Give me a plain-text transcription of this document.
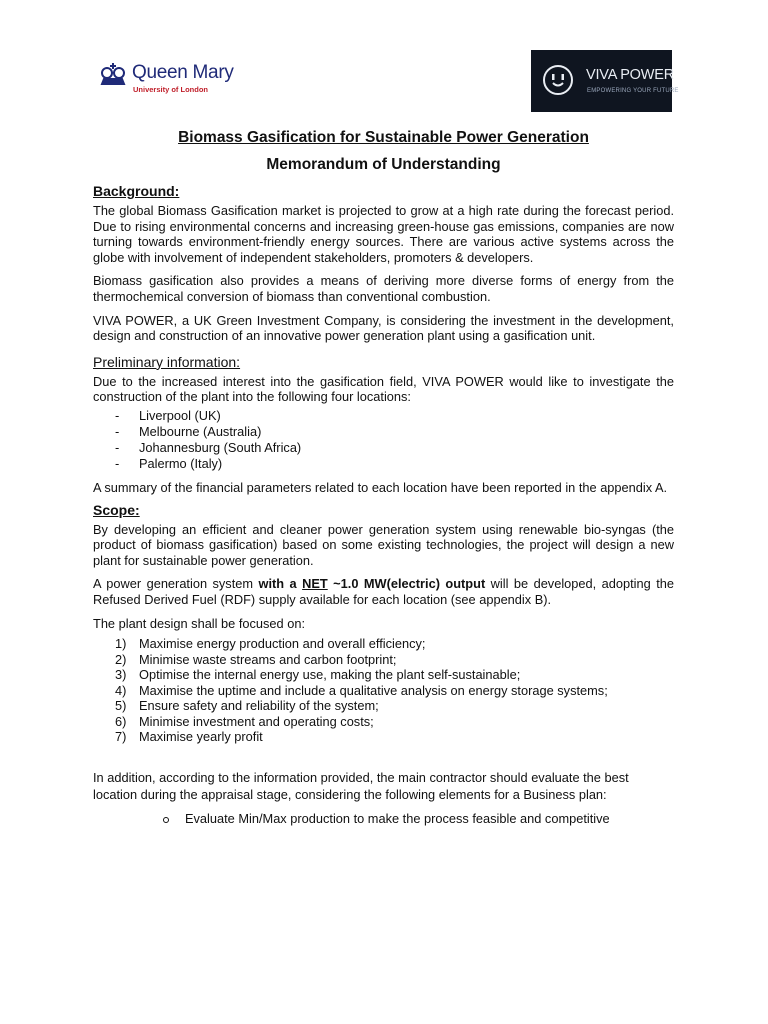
Queen Mary
University of London
VIVA POWER
EMPOWERING YOUR FUTURE

Biomass Gasification for Sustainable Power Generation

Memorandum of Understanding

Background:

The global Biomass Gasification market is projected to grow at a high rate during the forecast period. Due to rising environmental concerns and increasing green-house gas emissions, companies are now turning towards environment-friendly energy sources. There are various active systems across the globe with involvement of independent stakeholders, promoters & developers.

Biomass gasification also provides a means of deriving more diverse forms of energy from the thermochemical conversion of biomass than conventional combustion.

VIVA POWER, a UK Green Investment Company, is considering the investment in the development, design and construction of an innovative power generation plant using a gasification unit.

Preliminary information:

Due to the increased interest into the gasification field, VIVA POWER would like to investigate the construction of the plant into the following four locations:

- Liverpool (UK)
- Melbourne (Australia)
- Johannesburg (South Africa)
- Palermo (Italy)

A summary of the financial parameters related to each location have been reported in the appendix A.

Scope:

By developing an efficient and cleaner power generation system using renewable bio-syngas (the product of biomass gasification) based on some existing technologies, the project will design a new plant for sustainable power generation.

A power generation system with a NET ~1.0 MW(electric) output will be developed, adopting the Refused Derived Fuel (RDF) supply available for each location (see appendix B).

The plant design shall be focused on:

1) Maximise energy production and overall efficiency;
2) Minimise waste streams and carbon footprint;
3) Optimise the internal energy use, making the plant self-sustainable;
4) Maximise the uptime and include a qualitative analysis on energy storage systems;
5) Ensure safety and reliability of the system;
6) Minimise investment and operating costs;
7) Maximise yearly profit

In addition, according to the information provided, the main contractor should evaluate the best location during the appraisal stage, considering the following elements for a Business plan:

Evaluate Min/Max production to make the process feasible and competitive
